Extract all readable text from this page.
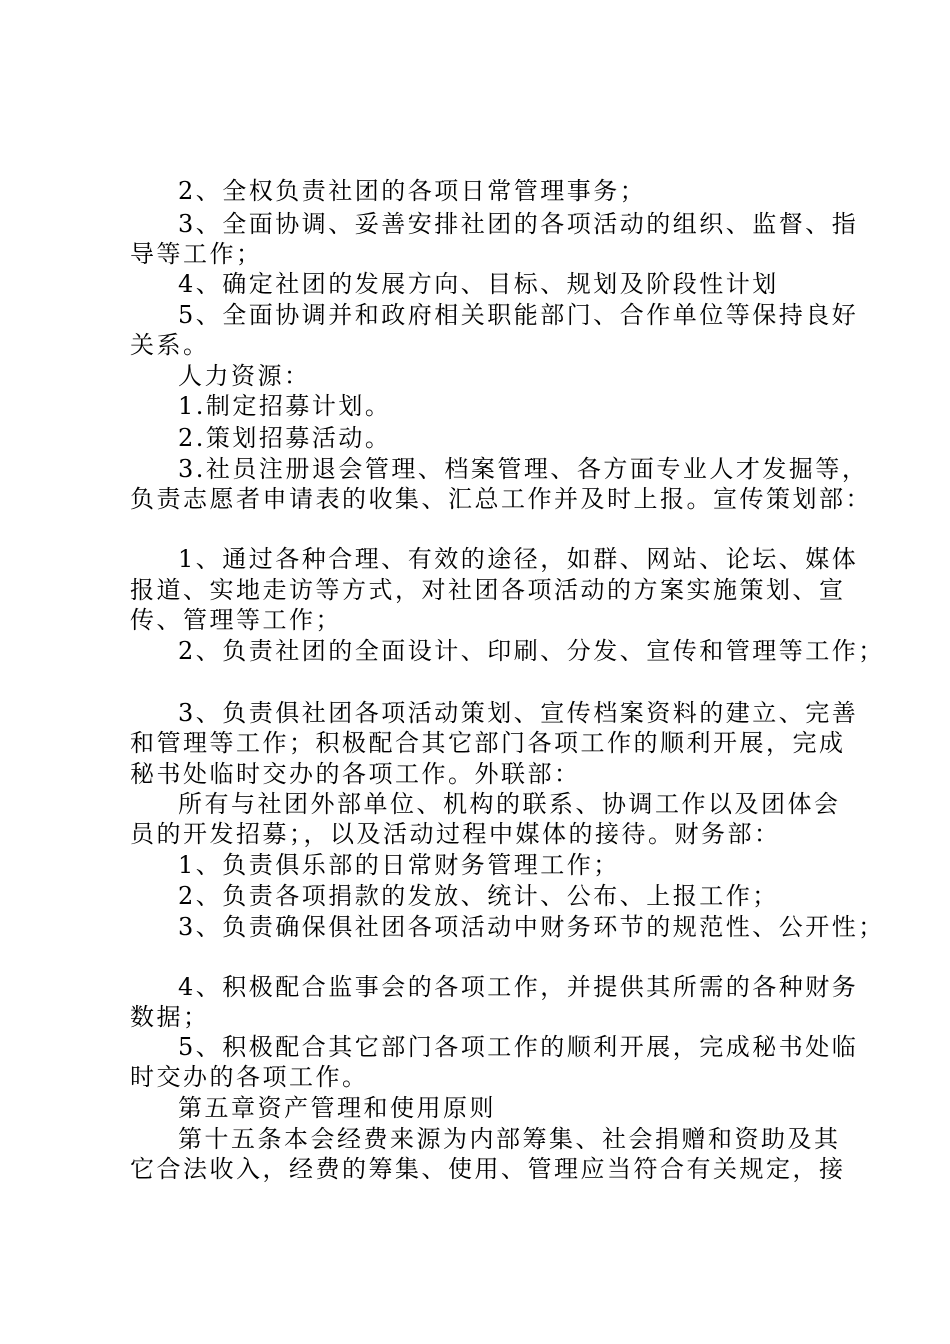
2、全权负责社团的各项日常管理事务；
3、全面协调、妥善安排社团的各项活动的组织、监督、指
导等工作；
4、确定社团的发展方向、目标、规划及阶段性计划
5、全面协调并和政府相关职能部门、合作单位等保持良好
关系。
人力资源：
1.制定招募计划。
2.策划招募活动。
3.社员注册退会管理、档案管理、各方面专业人才发掘等，
负责志愿者申请表的收集、汇总工作并及时上报。宣传策划部：
1、通过各种合理、有效的途径，如群、网站、论坛、媒体
报道、实地走访等方式，对社团各项活动的方案实施策划、宣
传、管理等工作；
2、负责社团的全面设计、印刷、分发、宣传和管理等工作；
3、负责俱社团各项活动策划、宣传档案资料的建立、完善
和管理等工作；积极配合其它部门各项工作的顺利开展，完成
秘书处临时交办的各项工作。外联部：
所有与社团外部单位、机构的联系、协调工作以及团体会
员的开发招募；，以及活动过程中媒体的接待。财务部：
1、负责俱乐部的日常财务管理工作；
2、负责各项捐款的发放、统计、公布、上报工作；
3、负责确保俱社团各项活动中财务环节的规范性、公开性；
4、积极配合监事会的各项工作，并提供其所需的各种财务
数据；
5、积极配合其它部门各项工作的顺利开展，完成秘书处临
时交办的各项工作。
第五章资产管理和使用原则
第十五条本会经费来源为内部筹集、社会捐赠和资助及其
它合法收入，经费的筹集、使用、管理应当符合有关规定，接
